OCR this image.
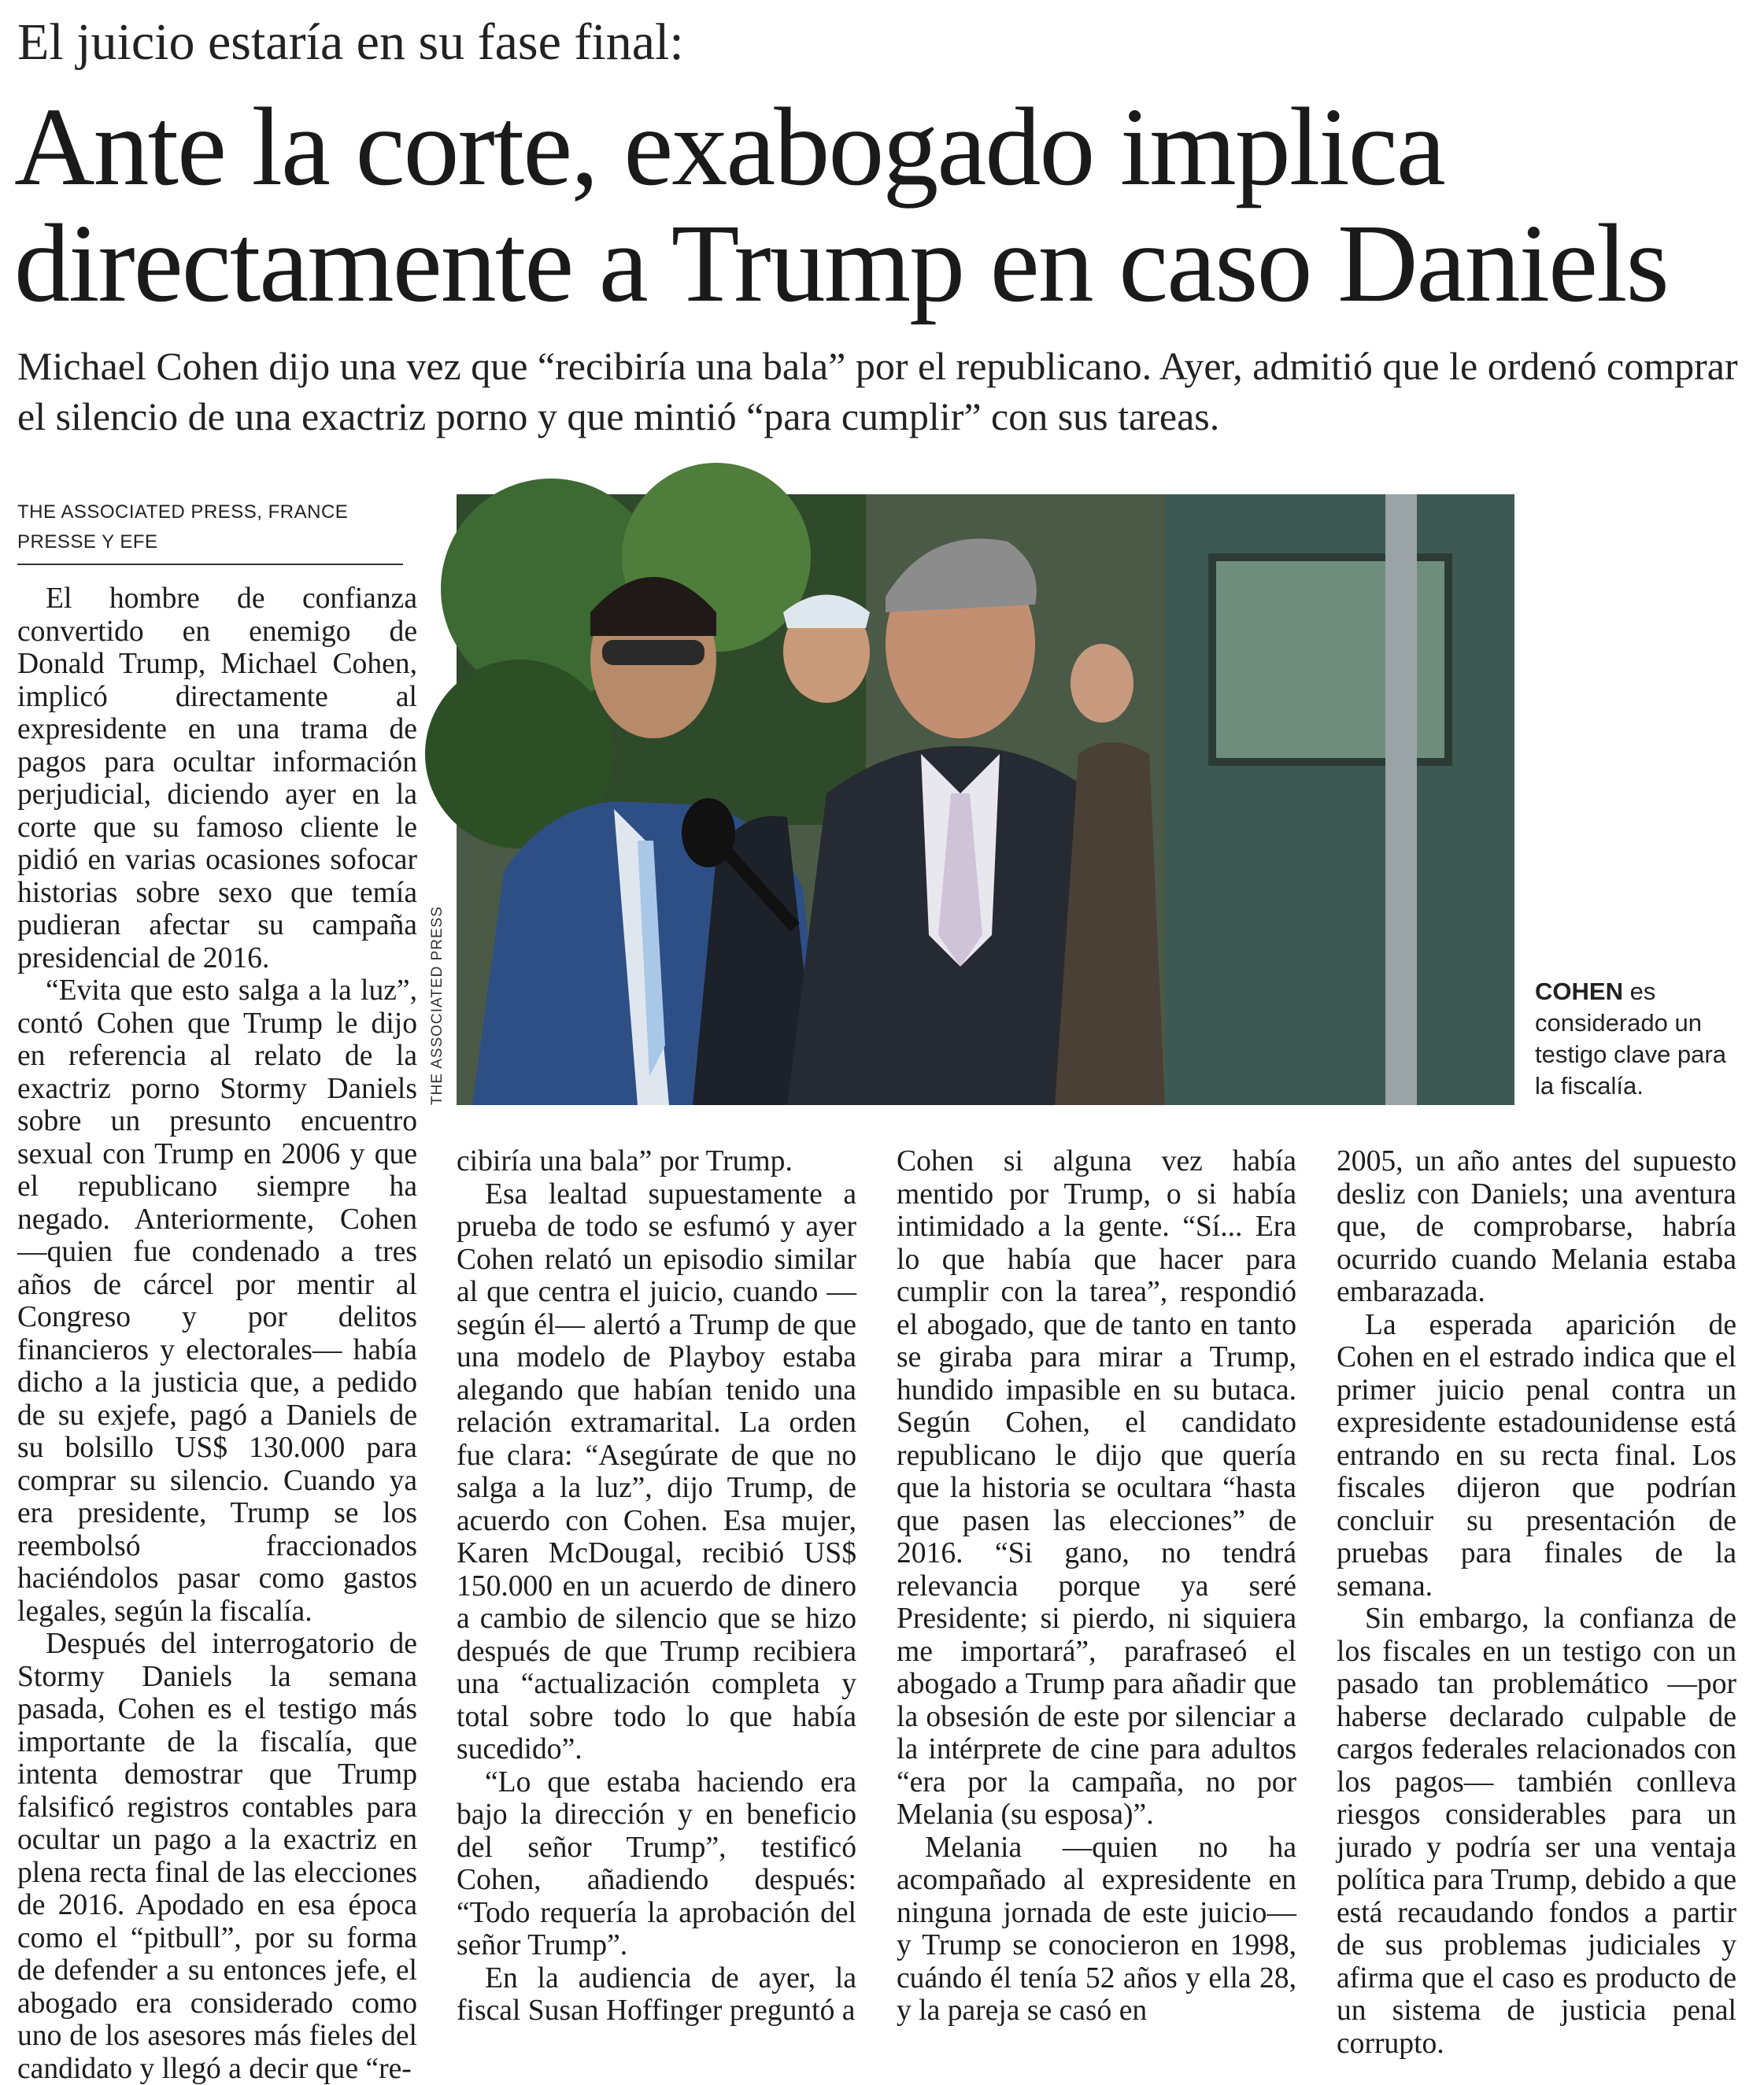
El juicio estaría en su fase final:
Ante la corte, exabogado implica directamente a Trump en caso Daniels
Michael Cohen dijo una vez que “recibiría una bala” por el republicano. Ayer, admitió que le ordenó comprar el silencio de una exactriz porno y que mintió “para cumplir” con sus tareas.
THE ASSOCIATED PRESS, FRANCE PRESSE Y EFE

El hombre de confianza convertido en enemigo de Donald Trump, Michael Cohen, implicó directamente al expresidente en una trama de pagos para ocultar información perjudicial, diciendo ayer en la corte que su famoso cliente le pidió en varias ocasiones sofocar historias sobre sexo que temía pudieran afectar su campaña presidencial de 2016.

“Evita que esto salga a la luz”, contó Cohen que Trump le dijo en referencia al relato de la exactriz porno Stormy Daniels sobre un presunto encuentro sexual con Trump en 2006 y que el republicano siempre ha negado. Anteriormente, Cohen —quien fue condenado a tres años de cárcel por mentir al Congreso y por delitos financieros y electorales— había dicho a la justicia que, a pedido de su exjefe, pagó a Daniels de su bolsillo US$ 130.000 para comprar su silencio. Cuando ya era presidente, Trump se los reembolsó fraccionados haciéndolos pasar como gastos legales, según la fiscalía.

Después del interrogatorio de Stormy Daniels la semana pasada, Cohen es el testigo más importante de la fiscalía, que intenta demostrar que Trump falsificó registros contables para ocultar un pago a la exactriz en plena recta final de las elecciones de 2016. Apodado en esa época como el “pitbull”, por su forma de defender a su entonces jefe, el abogado era considerado como uno de los asesores más fieles del candidato y llegó a decir que “re-

THE ASSOCIATED PRESS	COHEN es considerado un testigo clave para la fiscalía.

cibiría una bala” por Trump.

Esa lealtad supuestamente a prueba de todo se esfumó y ayer Cohen relató un episodio similar al que centra el juicio, cuando —según él— alertó a Trump de que una modelo de Playboy estaba alegando que habían tenido una relación extramarital. La orden fue clara: “Asegúrate de que no salga a la luz”, dijo Trump, de acuerdo con Cohen. Esa mujer, Karen McDougal, recibió US$ 150.000 en un acuerdo de dinero a cambio de silencio que se hizo después de que Trump recibiera una “actualización completa y total sobre todo lo que había sucedido”.

“Lo que estaba haciendo era bajo la dirección y en beneficio del señor Trump”, testificó Cohen, añadiendo después: “Todo requería la aprobación del señor Trump”.

En la audiencia de ayer, la fiscal Susan Hoffinger preguntó a

Cohen si alguna vez había mentido por Trump, o si había intimidado a la gente. “Sí... Era lo que había que hacer para cumplir con la tarea”, respondió el abogado, que de tanto en tanto se giraba para mirar a Trump, hundido impasible en su butaca. Según Cohen, el candidato republicano le dijo que quería que la historia se ocultara “hasta que pasen las elecciones” de 2016. “Si gano, no tendrá relevancia porque ya seré Presidente; si pierdo, ni siquiera me importará”, parafraseó el abogado a Trump para añadir que la obsesión de este por silenciar a la intérprete de cine para adultos “era por la campaña, no por Melania (su esposa)”.

Melania —quien no ha acompañado al expresidente en ninguna jornada de este juicio— y Trump se conocieron en 1998, cuándo él tenía 52 años y ella 28, y la pareja se casó en

2005, un año antes del supuesto desliz con Daniels; una aventura que, de comprobarse, habría ocurrido cuando Melania estaba embarazada.

La esperada aparición de Cohen en el estrado indica que el primer juicio penal contra un expresidente estadounidense está entrando en su recta final. Los fiscales dijeron que podrían concluir su presentación de pruebas para finales de la semana.

Sin embargo, la confianza de los fiscales en un testigo con un pasado tan problemático —por haberse declarado culpable de cargos federales relacionados con los pagos— también conlleva riesgos considerables para un jurado y podría ser una ventaja política para Trump, debido a que está recaudando fondos a partir de sus problemas judiciales y afirma que el caso es producto de un sistema de justicia penal corrupto.
